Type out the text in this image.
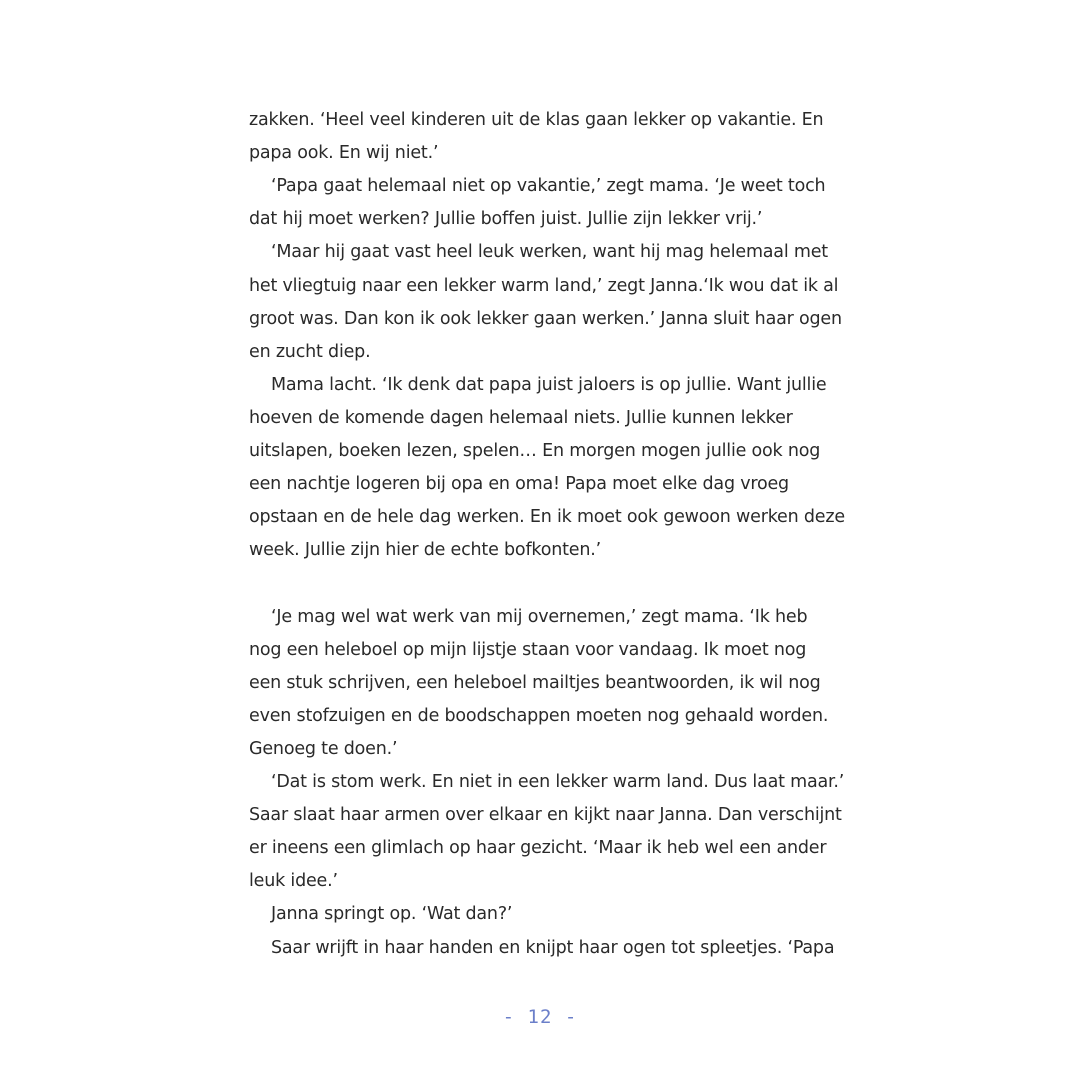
zakken. ‘Heel veel kinderen uit de klas gaan lekker op vakantie. En
papa ook. En wij niet.’
‘Papa gaat helemaal niet op vakantie,’ zegt mama. ‘Je weet toch
dat hij moet werken? Jullie boffen juist. Jullie zijn lekker vrij.’
‘Maar hij gaat vast heel leuk werken, want hij mag helemaal met
het vliegtuig naar een lekker warm land,’ zegt Janna.‘Ik wou dat ik al
groot was. Dan kon ik ook lekker gaan werken.’ Janna sluit haar ogen
en zucht diep.
Mama lacht. ‘Ik denk dat papa juist jaloers is op jullie. Want jullie
hoeven de komende dagen helemaal niets. Jullie kunnen lekker
uitslapen, boeken lezen, spelen… En morgen mogen jullie ook nog
een nachtje logeren bij opa en oma! Papa moet elke dag vroeg
opstaan en de hele dag werken. En ik moet ook gewoon werken deze
week. Jullie zijn hier de echte bofkonten.’
‘Je mag wel wat werk van mij overnemen,’ zegt mama. ‘Ik heb
nog een heleboel op mijn lijstje staan voor vandaag. Ik moet nog
een stuk schrijven, een heleboel mailtjes beantwoorden, ik wil nog
even stofzuigen en de boodschappen moeten nog gehaald worden.
Genoeg te doen.’
‘Dat is stom werk. En niet in een lekker warm land. Dus laat maar.’
Saar slaat haar armen over elkaar en kijkt naar Janna. Dan verschijnt
er ineens een glimlach op haar gezicht. ‘Maar ik heb wel een ander
leuk idee.’
Janna springt op. ‘Wat dan?’
Saar wrijft in haar handen en knijpt haar ogen tot spleetjes. ‘Papa
- 12 -
